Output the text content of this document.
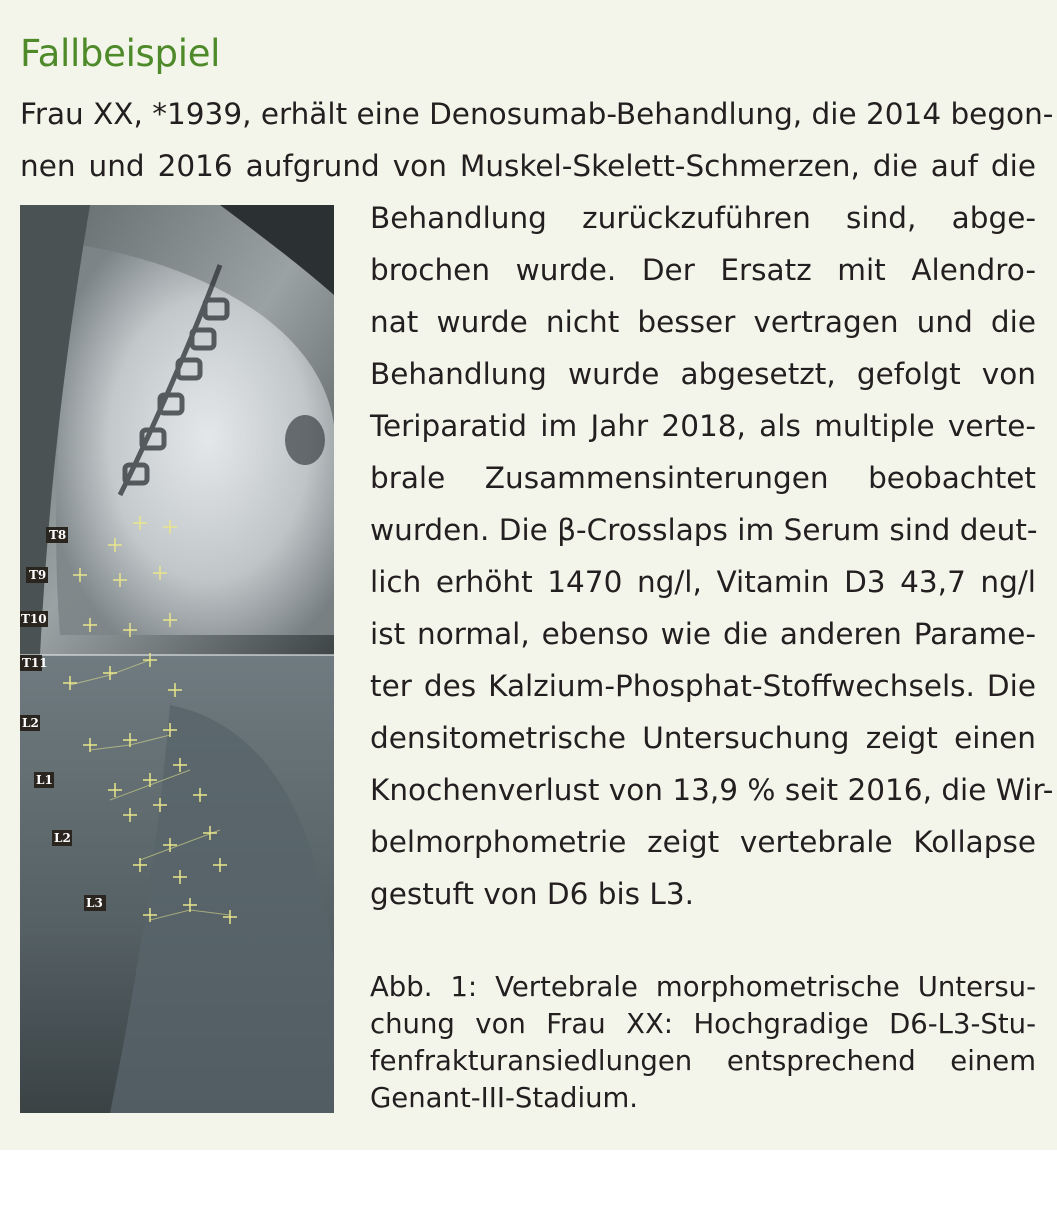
Fallbeispiel
Frau XX, *1939, erhält eine Denosumab-Behandlung, die 2014 begon-
nen und 2016 aufgrund von Muskel-Skelett-Schmerzen, die auf die
T8
T9
T10
T11
L2
L1
L2
L3
Behandlung zurückzuführen sind, abge-
brochen wurde. Der Ersatz mit Alendro-
nat wurde nicht besser vertragen und die
Behandlung wurde abgesetzt, gefolgt von
Teriparatid im Jahr 2018, als multiple verte-
brale Zusammensinterungen beobachtet
wurden. Die β-Crosslaps im Serum sind deut-
lich erhöht 1470 ng/l, Vitamin D3 43,7 ng/l
ist normal, ebenso wie die anderen Parame-
ter des Kalzium-Phosphat-Stoffwechsels. Die
densitometrische Untersuchung zeigt einen
Knochenverlust von 13,9 % seit 2016, die Wir-
belmorphometrie zeigt vertebrale Kollapse
gestuft von D6 bis L3.
Abb. 1: Vertebrale morphometrische Untersu-
chung von Frau XX: Hochgradige D6-L3-Stu-
fenfrakturansiedlungen entsprechend einem
Genant-III-Stadium.
